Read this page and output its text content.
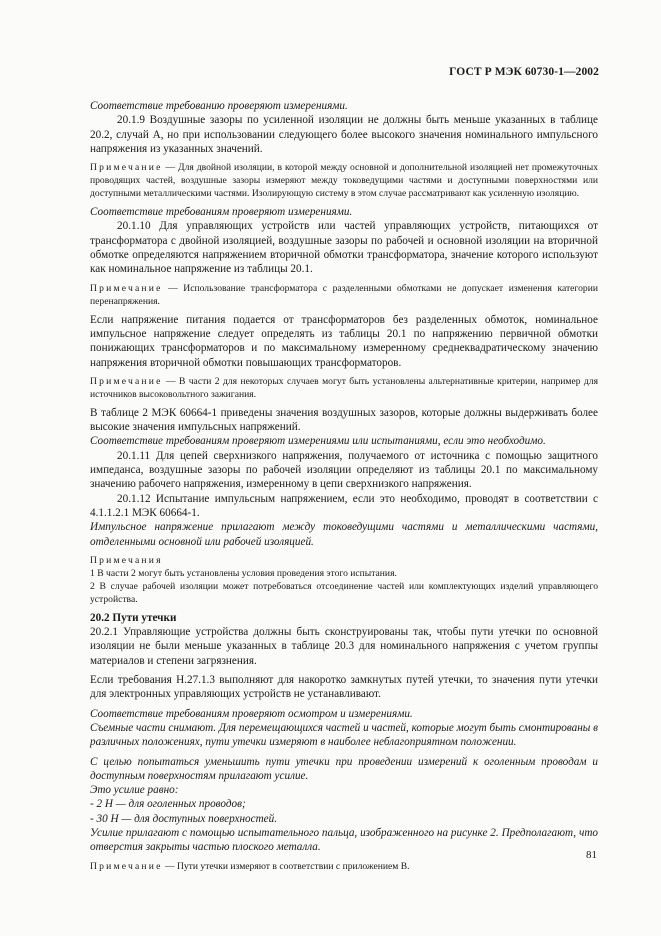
ГОСТ Р МЭК 60730-1—2002

Соответствие требованию проверяют измерениями.

20.1.9 Воздушные зазоры по усиленной изоляции не должны быть меньше указанных в таблице 20.2, случай А, но при использовании следующего более высокого значения номинального импульсного напряжения из указанных значений.

Примечание — Для двойной изоляции, в которой между основной и дополнительной изоляцией нет промежуточных проводящих частей, воздушные зазоры измеряют между токоведущими частями и доступными поверхностями или доступными металлическими частями. Изолирующую систему в этом случае рассматривают как усиленную изоляцию.

Соответствие требованиям проверяют измерениями.

20.1.10 Для управляющих устройств или частей управляющих устройств, питающихся от трансформатора с двойной изоляцией, воздушные зазоры по рабочей и основной изоляции на вторичной обмотке определяются напряжением вторичной обмотки трансформатора, значение которого используют как номинальное напряжение из таблицы 20.1.

Примечание — Использование трансформатора с разделенными обмотками не допускает изменения категории перенапряжения.

Если напряжение питания подается от трансформаторов без разделенных обмоток, номинальное импульсное напряжение следует определять из таблицы 20.1 по напряжению первичной обмотки понижающих трансформаторов и по максимальному измеренному среднеквадратическому значению напряжения вторичной обмотки повышающих трансформаторов.

Примечание — В части 2 для некоторых случаев могут быть установлены альтернативные критерии, например для источников высоковольтного зажигания.

В таблице 2 МЭК 60664-1 приведены значения воздушных зазоров, которые должны выдерживать более высокие значения импульсных напряжений.

Соответствие требованиям проверяют измерениями или испытаниями, если это необходимо.

20.1.11 Для цепей сверхнизкого напряжения, получаемого от источника с помощью защитного импеданса, воздушные зазоры по рабочей изоляции определяют из таблицы 20.1 по максимальному значению рабочего напряжения, измеренному в цепи сверхнизкого напряжения.

20.1.12 Испытание импульсным напряжением, если это необходимо, проводят в соответствии с 4.1.1.2.1 МЭК 60664-1.

Импульсное напряжение прилагают между токоведущими частями и металлическими частями, отделенными основной или рабочей изоляцией.

Примечания

1 В части 2 могут быть установлены условия проведения этого испытания.

2 В случае рабочей изоляции может потребоваться отсоединение частей или комплектующих изделий управляющего устройства.

20.2 Пути утечки

20.2.1 Управляющие устройства должны быть сконструированы так, чтобы пути утечки по основной изоляции не были меньше указанных в таблице 20.3 для номинального напряжения с учетом группы материалов и степени загрязнения.

Если требования Н.27.1.3 выполняют для накоротко замкнутых путей утечки, то значения пути утечки для электронных управляющих устройств не устанавливают.

Соответствие требованиям проверяют осмотром и измерениями.

Съемные части снимают. Для перемещающихся частей и частей, которые могут быть смонтированы в различных положениях, пути утечки измеряют в наиболее неблагоприятном положении.

С целью попытаться уменьшить пути утечки при проведении измерений к оголенным проводам и доступным поверхностям прилагают усилие.

Это усилие равно:

- 2 Н — для оголенных проводов;

- 30 Н — для доступных поверхностей.

Усилие прилагают с помощью испытательного пальца, изображенного на рисунке 2. Предполагают, что отверстия закрыты частью плоского металла.

Примечание — Пути утечки измеряют в соответствии с приложением В.

81
